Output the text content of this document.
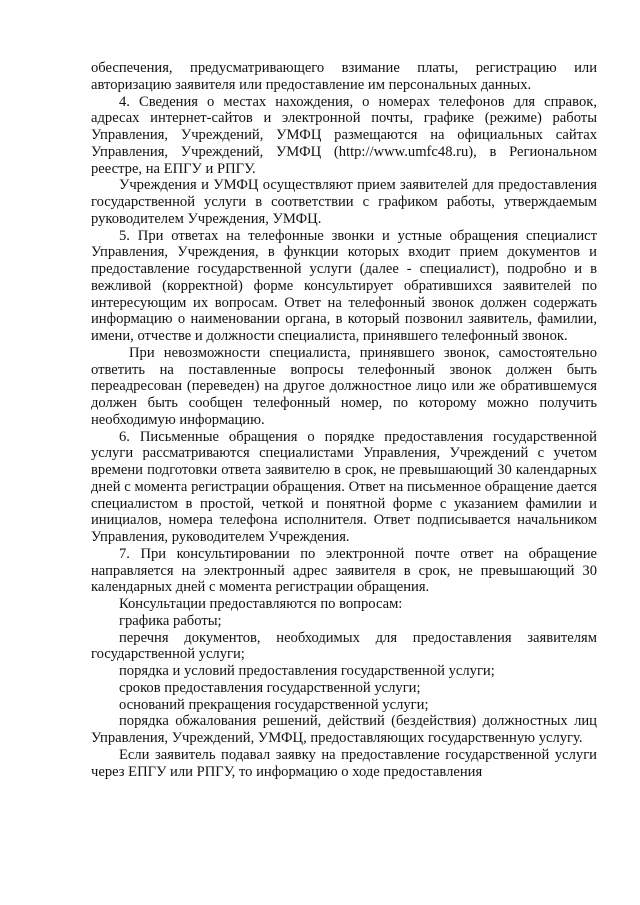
обеспечения, предусматривающего взимание платы, регистрацию или авторизацию заявителя или предоставление им персональных данных.

4. Сведения о местах нахождения, о номерах телефонов для справок, адресах интернет-сайтов и электронной почты, графике (режиме) работы Управления, Учреждений, УМФЦ размещаются на официальных сайтах Управления, Учреждений, УМФЦ (http://www.umfc48.ru), в Региональном реестре, на ЕПГУ и РПГУ.

Учреждения и УМФЦ осуществляют прием заявителей для предоставления государственной услуги в соответствии с графиком работы, утверждаемым руководителем Учреждения, УМФЦ.

5. При ответах на телефонные звонки и устные обращения специалист Управления, Учреждения, в функции которых входит прием документов и предоставление государственной услуги (далее - специалист), подробно и в вежливой (корректной) форме консультирует обратившихся заявителей по интересующим их вопросам. Ответ на телефонный звонок должен содержать информацию о наименовании органа, в который позвонил заявитель, фамилии, имени, отчестве и должности специалиста, принявшего телефонный звонок.

При невозможности специалиста, принявшего звонок, самостоятельно ответить на поставленные вопросы телефонный звонок должен быть переадресован (переведен) на другое должностное лицо или же обратившемуся должен быть сообщен телефонный номер, по которому можно получить необходимую информацию.

6. Письменные обращения о порядке предоставления государственной услуги рассматриваются специалистами Управления, Учреждений с учетом времени подготовки ответа заявителю в срок, не превышающий 30 календарных дней с момента регистрации обращения. Ответ на письменное обращение дается специалистом в простой, четкой и понятной форме с указанием фамилии и инициалов, номера телефона исполнителя. Ответ подписывается начальником Управления, руководителем Учреждения.

7. При консультировании по электронной почте ответ на обращение направляется на электронный адрес заявителя в срок, не превышающий 30 календарных дней с момента регистрации обращения.

Консультации предоставляются по вопросам:

графика работы;

перечня документов, необходимых для предоставления заявителям государственной услуги;

порядка и условий предоставления государственной услуги;

сроков предоставления государственной услуги;

оснований прекращения государственной услуги;

порядка обжалования решений, действий (бездействия) должностных лиц Управления, Учреждений, УМФЦ, предоставляющих государственную услугу.

Если заявитель подавал заявку на предоставление государственной услуги через ЕПГУ или РПГУ, то информацию о ходе предоставления
